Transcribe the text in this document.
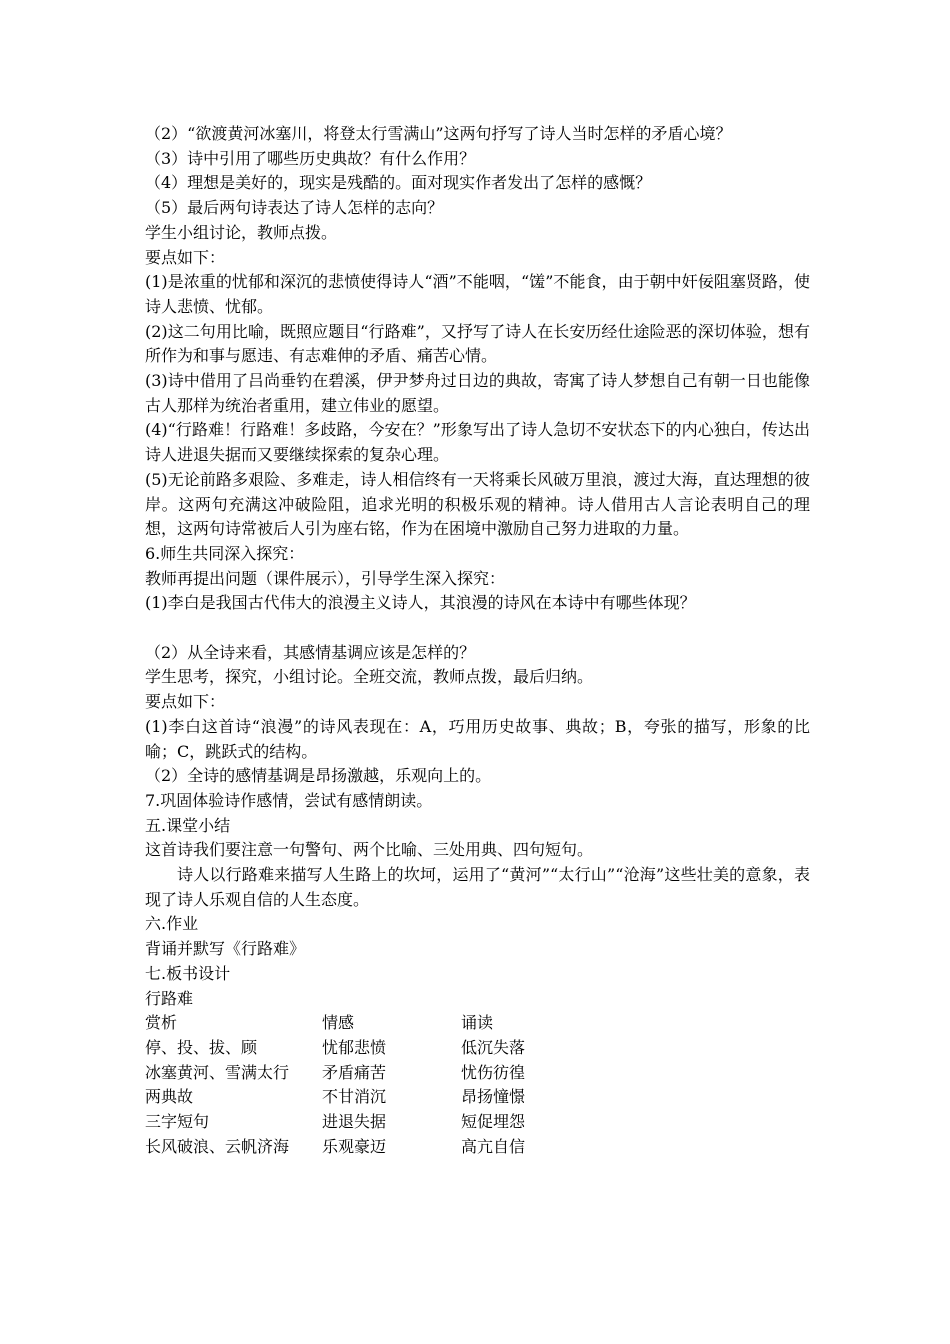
（2）“欲渡黄河冰塞川，将登太行雪满山”这两句抒写了诗人当时怎样的矛盾心境？
（3）诗中引用了哪些历史典故？有什么作用？
（4）理想是美好的，现实是残酷的。面对现实作者发出了怎样的感慨？
（5）最后两句诗表达了诗人怎样的志向？
学生小组讨论，教师点拨。
要点如下：
(1)是浓重的忧郁和深沉的悲愤使得诗人“酒”不能咽，“馐”不能食，由于朝中奸佞阻塞贤路，使诗人悲愤、忧郁。
(2)这二句用比喻，既照应题目“行路难”，又抒写了诗人在长安历经仕途险恶的深切体验，想有所作为和事与愿违、有志难伸的矛盾、痛苦心情。
(3)诗中借用了吕尚垂钓在碧溪，伊尹梦舟过日边的典故，寄寓了诗人梦想自己有朝一日也能像古人那样为统治者重用，建立伟业的愿望。
(4)“行路难！行路难！多歧路，今安在？”形象写出了诗人急切不安状态下的内心独白，传达出诗人进退失据而又要继续探索的复杂心理。
(5)无论前路多艰险、多难走，诗人相信终有一天将乘长风破万里浪，渡过大海，直达理想的彼岸。这两句充满这冲破险阻，追求光明的积极乐观的精神。诗人借用古人言论表明自己的理想，这两句诗常被后人引为座右铭，作为在困境中激励自己努力进取的力量。
6.师生共同深入探究：
教师再提出问题（课件展示），引导学生深入探究：
(1)李白是我国古代伟大的浪漫主义诗人，其浪漫的诗风在本诗中有哪些体现？
（2）从全诗来看，其感情基调应该是怎样的？
学生思考，探究，小组讨论。全班交流，教师点拨，最后归纳。
要点如下：
(1)李白这首诗“浪漫”的诗风表现在：A，巧用历史故事、典故；B，夸张的描写，形象的比喻；C，跳跃式的结构。
（2）全诗的感情基调是昂扬激越，乐观向上的。
7.巩固体验诗作感情，尝试有感情朗读。
五.课堂小结
这首诗我们要注意一句警句、两个比喻、三处用典、四句短句。
诗人以行路难来描写人生路上的坎坷，运用了“黄河”“太行山”“沧海”这些壮美的意象，表现了诗人乐观自信的人生态度。
六.作业
背诵并默写《行路难》
七.板书设计
行路难
赏析	情感	诵读
停、投、拔、顾	忧郁悲愤	低沉失落
冰塞黄河、雪满太行 矛盾痛苦	忧伤彷徨
两典故	不甘消沉	昂扬憧憬
三字短句	进退失据	短促埋怨
长风破浪、云帆济海 乐观豪迈	高亢自信
